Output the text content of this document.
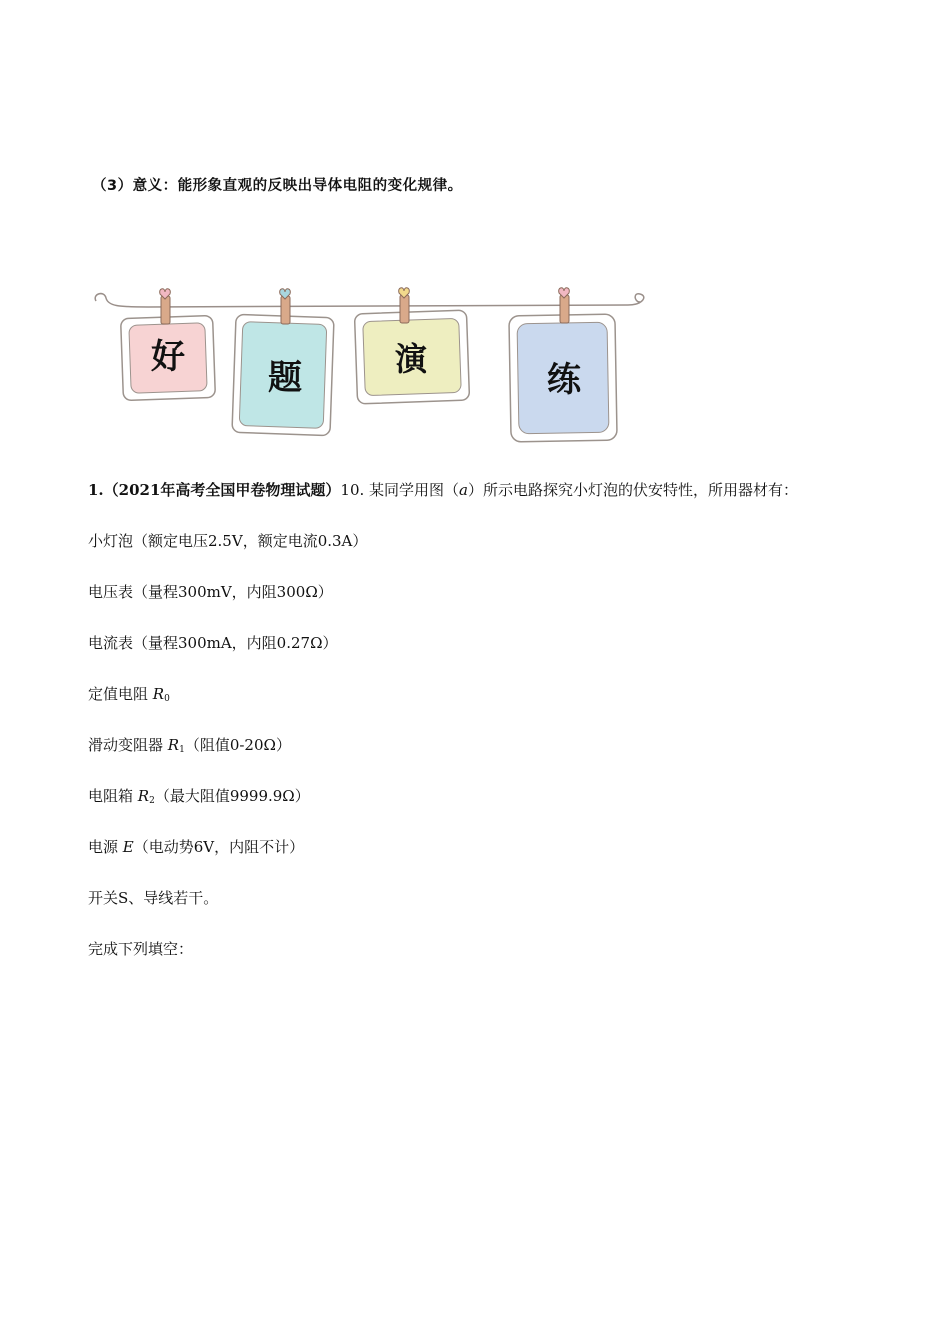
（3）意义：能形象直观的反映出导体电阻的变化规律。
好
题	演
练
1.（2021年高考全国甲卷物理试题）10. 某同学用图（a）所示电路探究小灯泡的伏安特性，所用器材有：
小灯泡（额定电压2.5V，额定电流0.3A）
电压表（量程300mV，内阻300Ω）
电流表（量程300mA，内阻0.27Ω）
定值电阻 $R_0$
滑动变阻器 $R_1$（阻值0-20Ω）
电阻箱 $R_2$（最大阻值9999.9Ω）
电源 E（电动势6V，内阻不计）
开关S、导线若干。
完成下列填空：
